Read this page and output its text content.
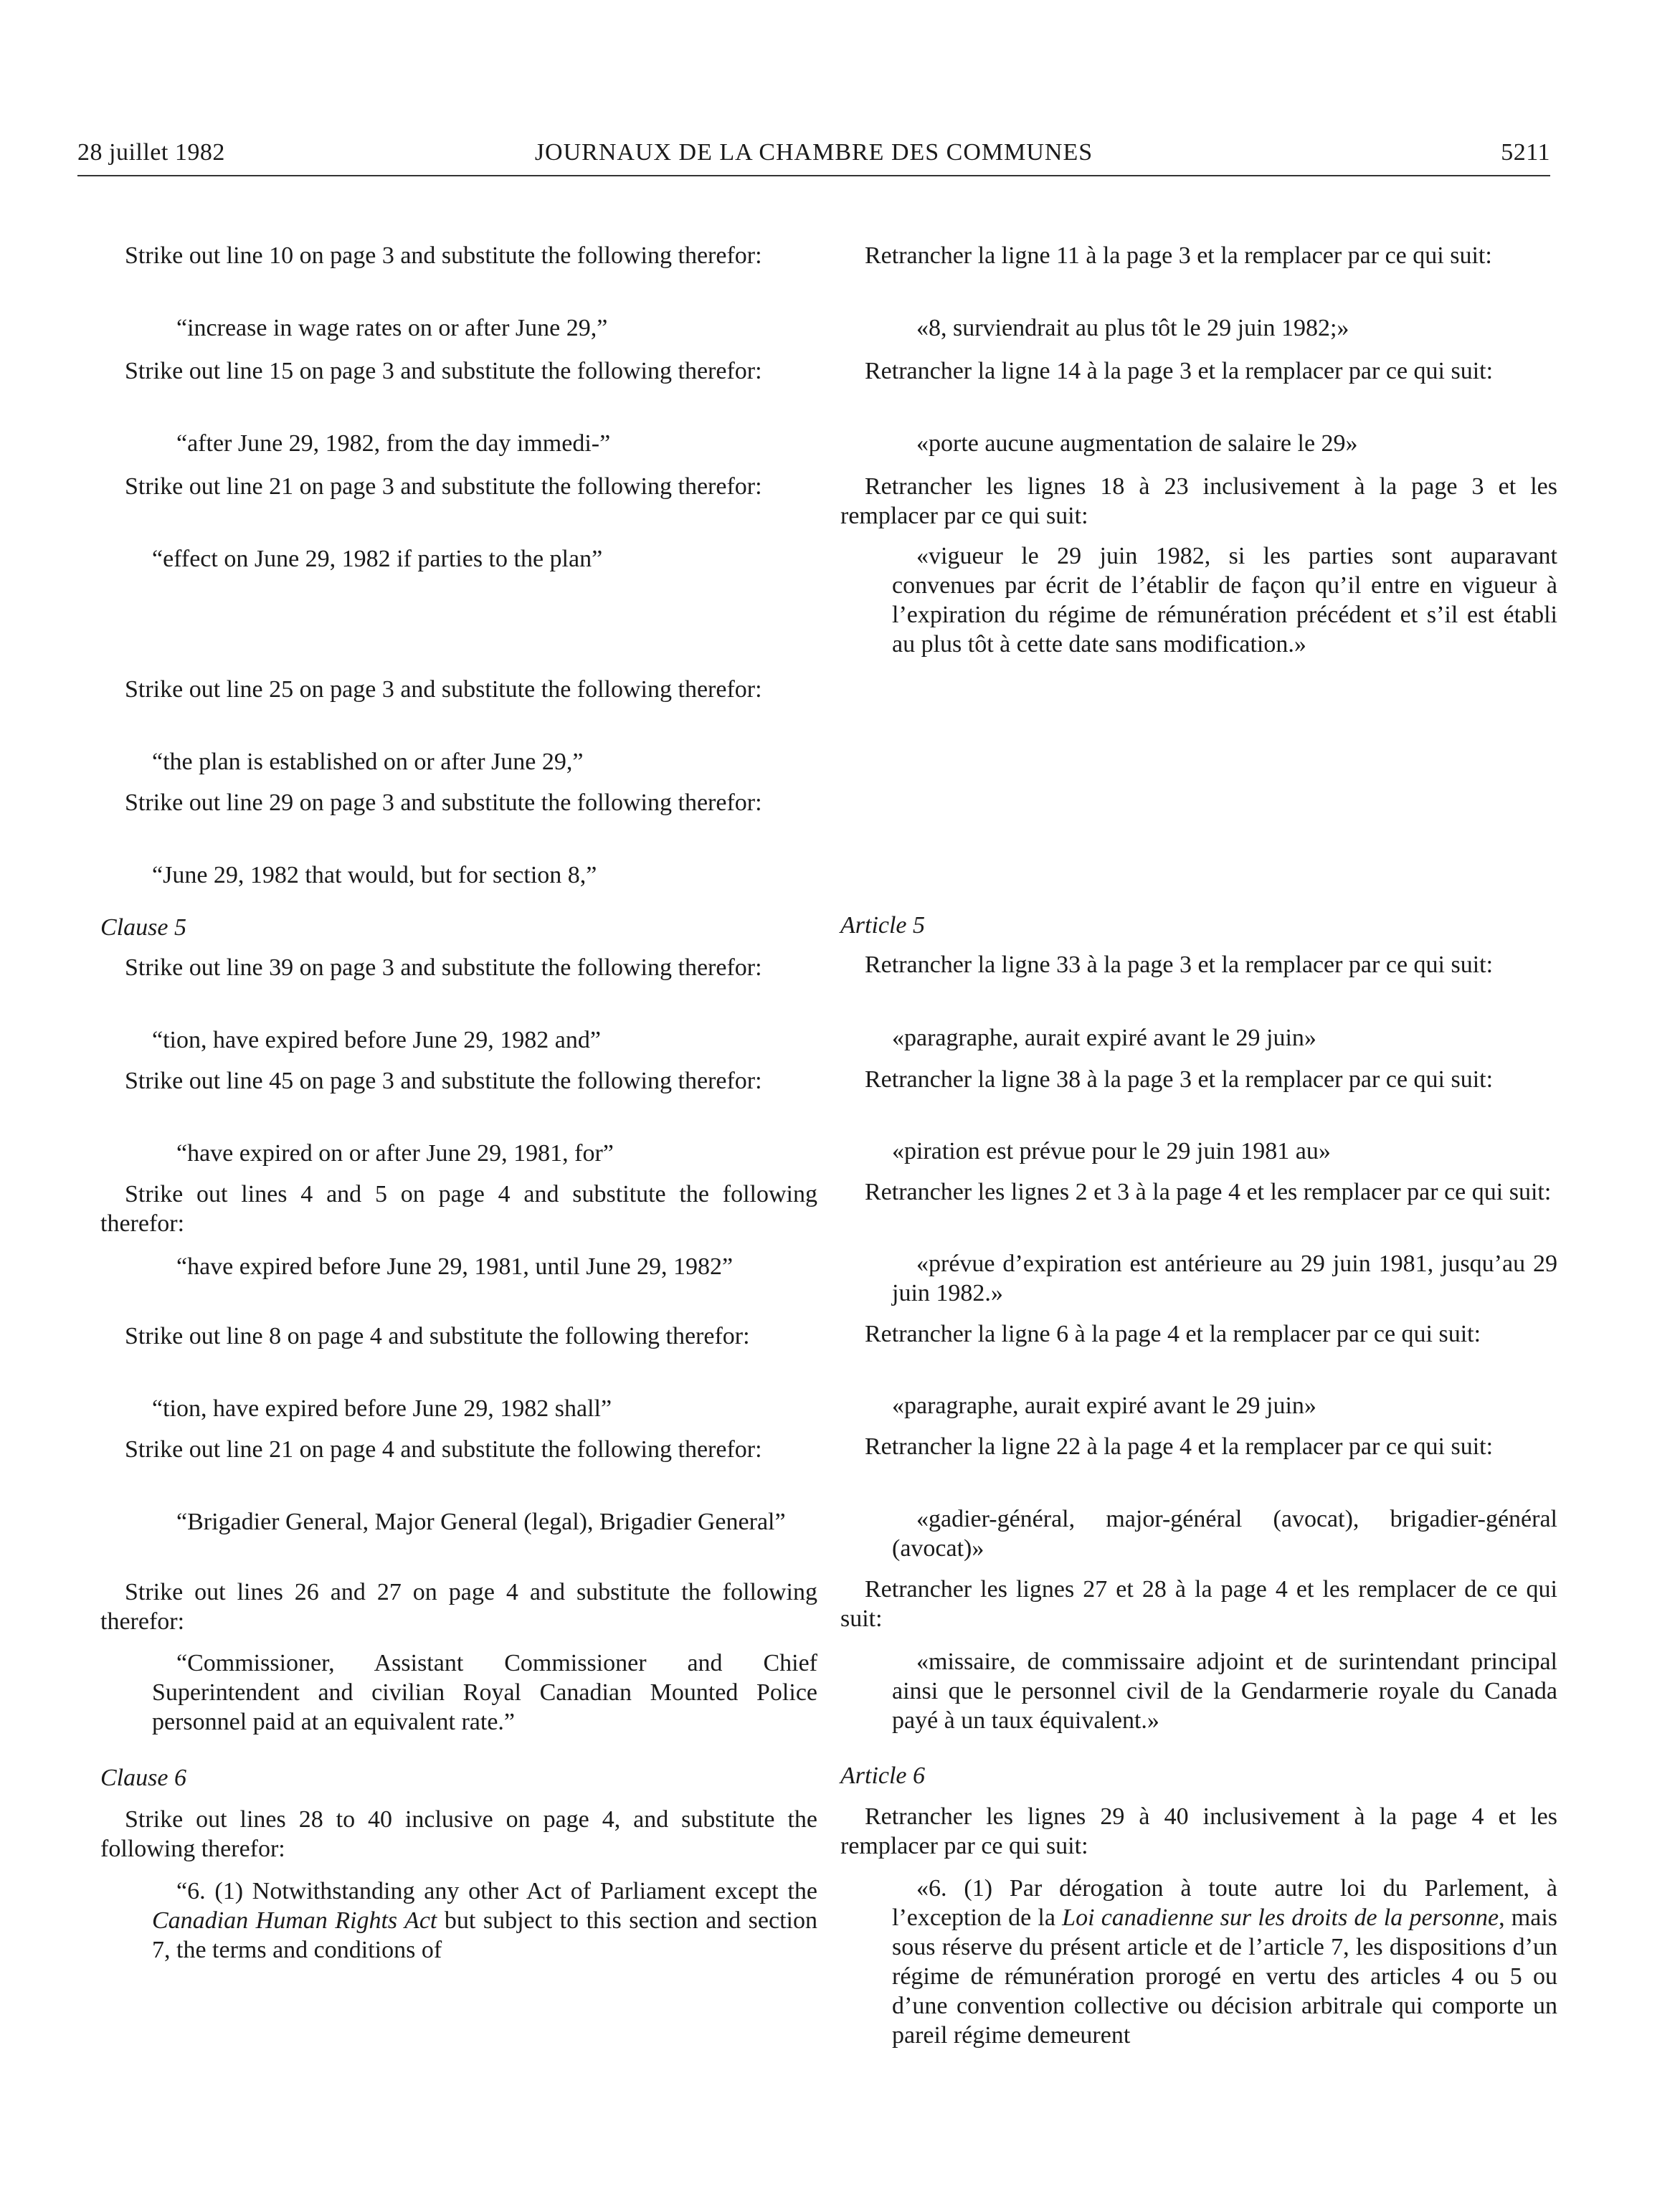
28 juillet 1982	JOURNAUX DE LA CHAMBRE DES COMMUNES	5211

Strike out line 10 on page 3 and substitute the following therefor:

“increase in wage rates on or after June 29,”

Strike out line 15 on page 3 and substitute the following therefor:

“after June 29, 1982, from the day immedi-”

Strike out line 21 on page 3 and substitute the following therefor:

“effect on June 29, 1982 if parties to the plan”

Strike out line 25 on page 3 and substitute the following therefor:

“the plan is established on or after June 29,”

Strike out line 29 on page 3 and substitute the following therefor:

“June 29, 1982 that would, but for section 8,”

Clause 5

Strike out line 39 on page 3 and substitute the following therefor:

“tion, have expired before June 29, 1982 and”

Strike out line 45 on page 3 and substitute the following therefor:

“have expired on or after June 29, 1981, for”

Strike out lines 4 and 5 on page 4 and substitute the following therefor:

“have expired before June 29, 1981, until June 29, 1982”

Strike out line 8 on page 4 and substitute the following therefor:

“tion, have expired before June 29, 1982 shall”

Strike out line 21 on page 4 and substitute the following therefor:

“Brigadier General, Major General (legal), Brigadier General”

Strike out lines 26 and 27 on page 4 and substitute the following therefor:

“Commissioner, Assistant Commissioner and Chief Superintendent and civilian Royal Canadian Mounted Police personnel paid at an equivalent rate.”

Clause 6

Strike out lines 28 to 40 inclusive on page 4, and substitute the following therefor:

“6. (1) Notwithstanding any other Act of Parliament except the Canadian Human Rights Act but subject to this section and section 7, the terms and conditions of

Retrancher la ligne 11 à la page 3 et la remplacer par ce qui suit:

«8, surviendrait au plus tôt le 29 juin 1982;»

Retrancher la ligne 14 à la page 3 et la remplacer par ce qui suit:

«porte aucune augmentation de salaire le 29»

Retrancher les lignes 18 à 23 inclusivement à la page 3 et les remplacer par ce qui suit:

«vigueur le 29 juin 1982, si les parties sont auparavant convenues par écrit de l’établir de façon qu’il entre en vigueur à l’expiration du régime de rémunération précédent et s’il est établi au plus tôt à cette date sans modification.»

Article 5

Retrancher la ligne 33 à la page 3 et la remplacer par ce qui suit:

«paragraphe, aurait expiré avant le 29 juin»

Retrancher la ligne 38 à la page 3 et la remplacer par ce qui suit:

«piration est prévue pour le 29 juin 1981 au»

Retrancher les lignes 2 et 3 à la page 4 et les remplacer par ce qui suit:

«prévue d’expiration est antérieure au 29 juin 1981, jusqu’au 29 juin 1982.»

Retrancher la ligne 6 à la page 4 et la remplacer par ce qui suit:

«paragraphe, aurait expiré avant le 29 juin»

Retrancher la ligne 22 à la page 4 et la remplacer par ce qui suit:

«gadier-général, major-général (avocat), brigadier-général (avocat)»

Retrancher les lignes 27 et 28 à la page 4 et les remplacer de ce qui suit:

«missaire, de commissaire adjoint et de surintendant principal ainsi que le personnel civil de la Gendarmerie royale du Canada payé à un taux équivalent.»

Article 6

Retrancher les lignes 29 à 40 inclusivement à la page 4 et les remplacer par ce qui suit:

«6. (1) Par dérogation à toute autre loi du Parlement, à l’exception de la Loi canadienne sur les droits de la personne, mais sous réserve du présent article et de l’article 7, les dispositions d’un régime de rémunération prorogé en vertu des articles 4 ou 5 ou d’une convention collective ou décision arbitrale qui comporte un pareil régime demeurent
